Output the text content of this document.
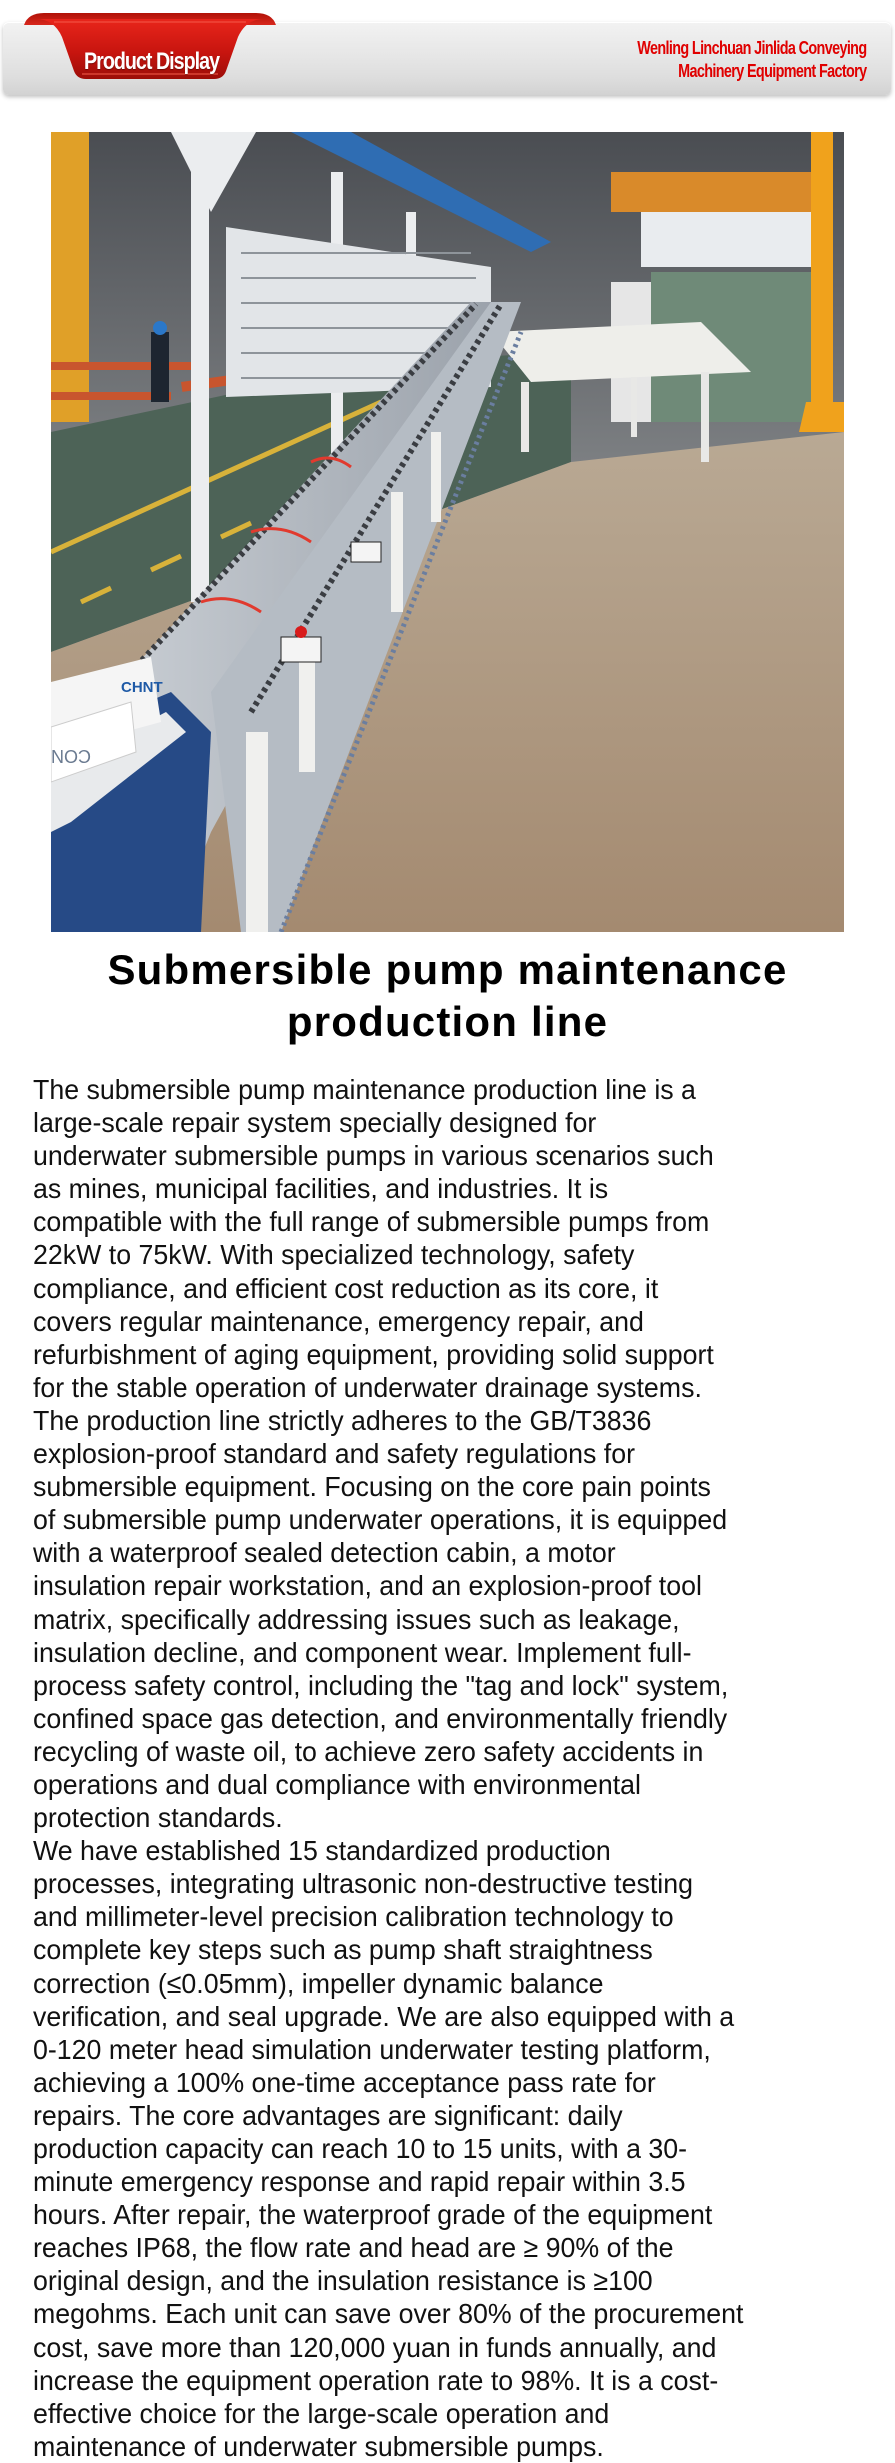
Product Display	Wenling Linchuan Jinlida Conveying
Machinery Equipment Factory
CHNT
CON
Submersible pump maintenance
production line
The submersible pump maintenance production line is a
large-scale repair system specially designed for
underwater submersible pumps in various scenarios such
as mines, municipal facilities, and industries. It is
compatible with the full range of submersible pumps from
22kW to 75kW. With specialized technology, safety
compliance, and efficient cost reduction as its core, it
covers regular maintenance, emergency repair, and
refurbishment of aging equipment, providing solid support
for the stable operation of underwater drainage systems.
The production line strictly adheres to the GB/T3836
explosion-proof standard and safety regulations for
submersible equipment. Focusing on the core pain points
of submersible pump underwater operations, it is equipped
with a waterproof sealed detection cabin, a motor
insulation repair workstation, and an explosion-proof tool
matrix, specifically addressing issues such as leakage,
insulation decline, and component wear. Implement full-
process safety control, including the "tag and lock" system,
confined space gas detection, and environmentally friendly
recycling of waste oil, to achieve zero safety accidents in
operations and dual compliance with environmental
protection standards.
We have established 15 standardized production
processes, integrating ultrasonic non-destructive testing
and millimeter-level precision calibration technology to
complete key steps such as pump shaft straightness
correction (≤0.05mm), impeller dynamic balance
verification, and seal upgrade. We are also equipped with a
0-120 meter head simulation underwater testing platform,
achieving a 100% one-time acceptance pass rate for
repairs. The core advantages are significant: daily
production capacity can reach 10 to 15 units, with a 30-
minute emergency response and rapid repair within 3.5
hours. After repair, the waterproof grade of the equipment
reaches IP68, the flow rate and head are ≥ 90% of the
original design, and the insulation resistance is ≥100
megohms. Each unit can save over 80% of the procurement
cost, save more than 120,000 yuan in funds annually, and
increase the equipment operation rate to 98%. It is a cost-
effective choice for the large-scale operation and
maintenance of underwater submersible pumps.
